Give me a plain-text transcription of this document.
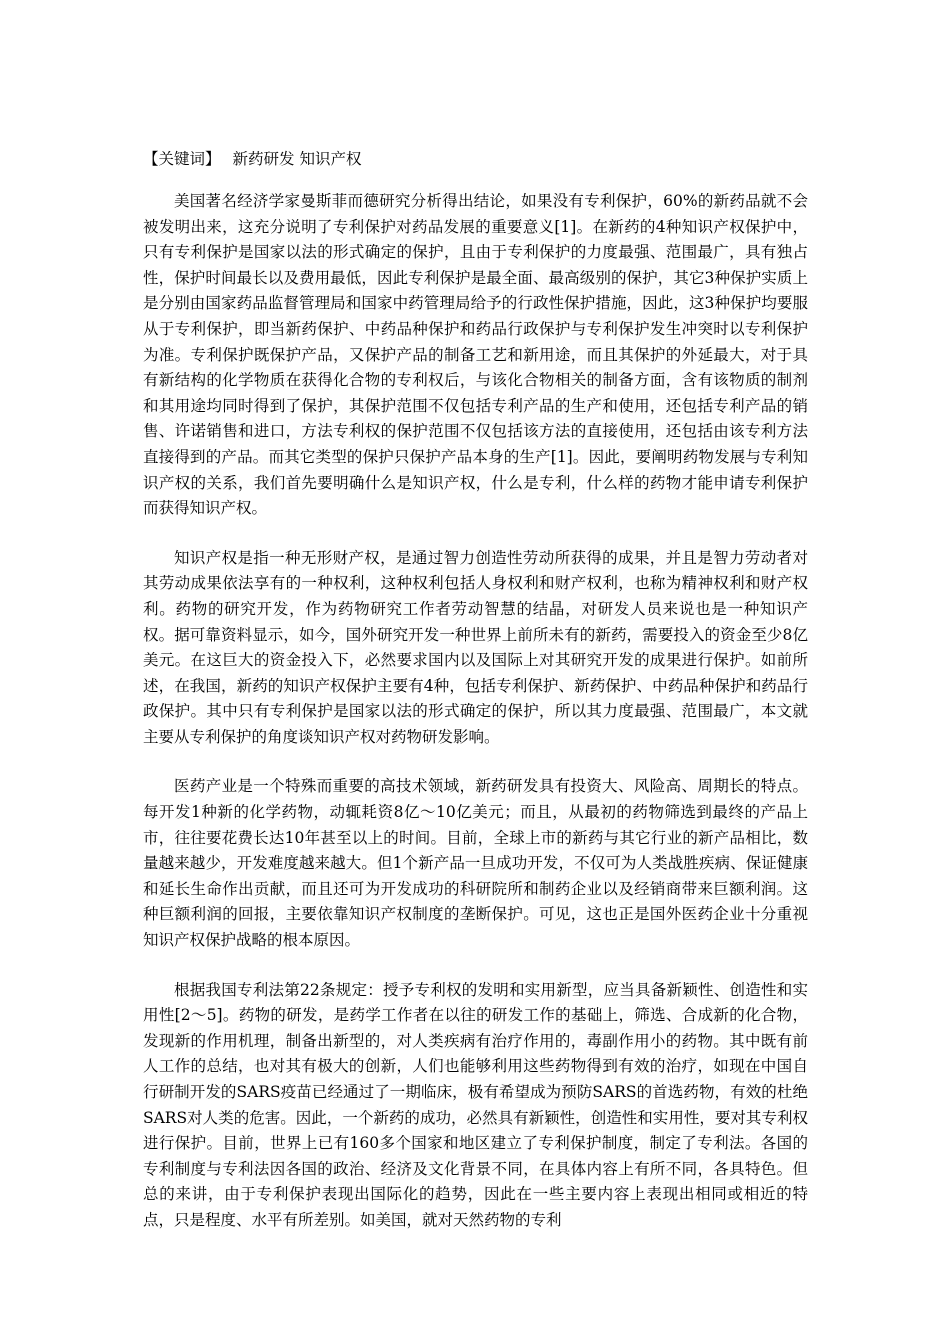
【关键词】 新药研发 知识产权

美国著名经济学家曼斯菲而德研究分析得出结论，如果没有专利保护，60%的新药品就不会被发明出来，这充分说明了专利保护对药品发展的重要意义[1]。在新药的4种知识产权保护中，只有专利保护是国家以法的形式确定的保护，且由于专利保护的力度最强、范围最广，具有独占性，保护时间最长以及费用最低，因此专利保护是最全面、最高级别的保护，其它3种保护实质上是分别由国家药品监督管理局和国家中药管理局给予的行政性保护措施，因此，这3种保护均要服从于专利保护，即当新药保护、中药品种保护和药品行政保护与专利保护发生冲突时以专利保护为准。专利保护既保护产品，又保护产品的制备工艺和新用途，而且其保护的外延最大，对于具有新结构的化学物质在获得化合物的专利权后，与该化合物相关的制备方面，含有该物质的制剂和其用途均同时得到了保护，其保护范围不仅包括专利产品的生产和使用，还包括专利产品的销售、许诺销售和进口，方法专利权的保护范围不仅包括该方法的直接使用，还包括由该专利方法直接得到的产品。而其它类型的保护只保护产品本身的生产[1]。因此，要阐明药物发展与专利知识产权的关系，我们首先要明确什么是知识产权，什么是专利，什么样的药物才能申请专利保护而获得知识产权。

知识产权是指一种无形财产权，是通过智力创造性劳动所获得的成果，并且是智力劳动者对其劳动成果依法享有的一种权利，这种权利包括人身权利和财产权利，也称为精神权利和财产权利。药物的研究开发，作为药物研究工作者劳动智慧的结晶，对研发人员来说也是一种知识产权。据可靠资料显示，如今，国外研究开发一种世界上前所未有的新药，需要投入的资金至少8亿美元。在这巨大的资金投入下，必然要求国内以及国际上对其研究开发的成果进行保护。如前所述，在我国，新药的知识产权保护主要有4种，包括专利保护、新药保护、中药品种保护和药品行政保护。其中只有专利保护是国家以法的形式确定的保护，所以其力度最强、范围最广，本文就主要从专利保护的角度谈知识产权对药物研发影响。

医药产业是一个特殊而重要的高技术领域，新药研发具有投资大、风险高、周期长的特点。每开发1种新的化学药物，动辄耗资8亿～10亿美元；而且，从最初的药物筛选到最终的产品上市，往往要花费长达10年甚至以上的时间。目前，全球上市的新药与其它行业的新产品相比，数量越来越少，开发难度越来越大。但1个新产品一旦成功开发，不仅可为人类战胜疾病、保证健康和延长生命作出贡献，而且还可为开发成功的科研院所和制药企业以及经销商带来巨额利润。这种巨额利润的回报，主要依靠知识产权制度的垄断保护。可见，这也正是国外医药企业十分重视知识产权保护战略的根本原因。

根据我国专利法第22条规定：授予专利权的发明和实用新型，应当具备新颖性、创造性和实用性[2～5]。药物的研发，是药学工作者在以往的研发工作的基础上，筛选、合成新的化合物，发现新的作用机理，制备出新型的，对人类疾病有治疗作用的，毒副作用小的药物。其中既有前人工作的总结，也对其有极大的创新，人们也能够利用这些药物得到有效的治疗，如现在中国自行研制开发的SARS疫苗已经通过了一期临床，极有希望成为预防SARS的首选药物，有效的杜绝SARS对人类的危害。因此，一个新药的成功，必然具有新颖性，创造性和实用性，要对其专利权进行保护。目前，世界上已有160多个国家和地区建立了专利保护制度，制定了专利法。各国的专利制度与专利法因各国的政治、经济及文化背景不同，在具体内容上有所不同，各具特色。但总的来讲，由于专利保护表现出国际化的趋势，因此在一些主要内容上表现出相同或相近的特点，只是程度、水平有所差别。如美国，就对天然药物的专利
